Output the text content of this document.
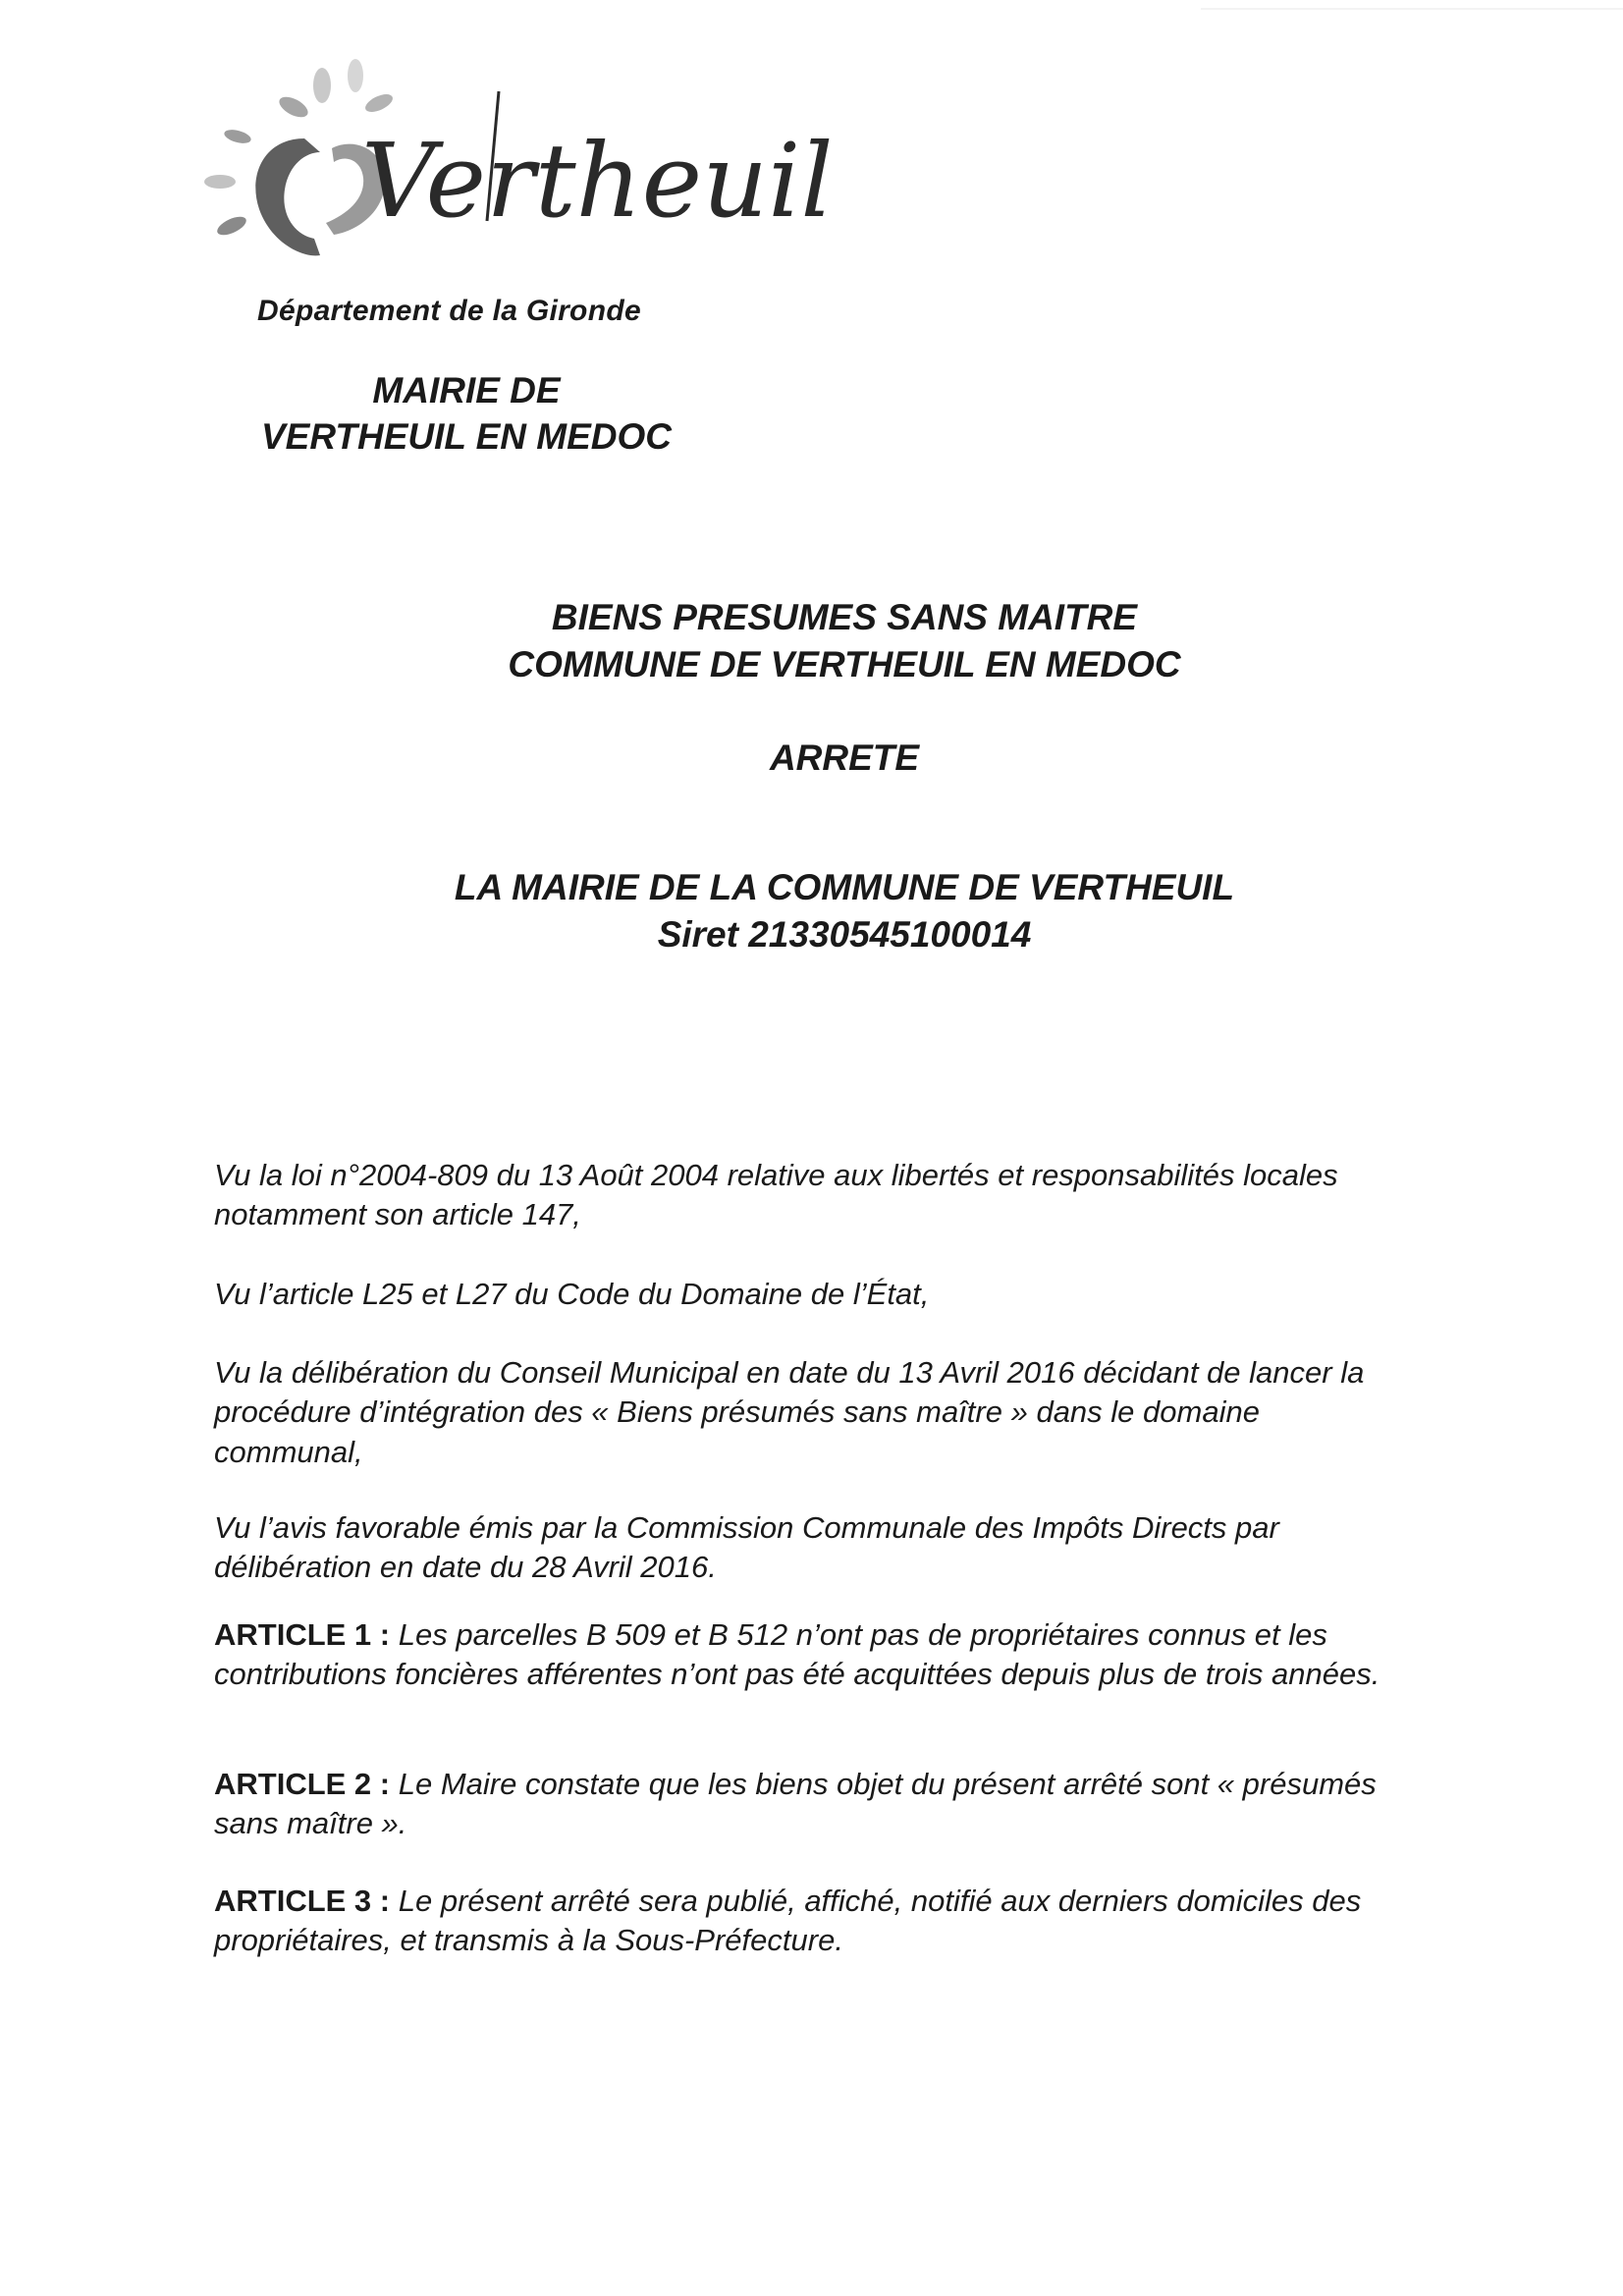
Vertheuil
Département de la Gironde
MAIRIE DE
VERTHEUIL EN MEDOC
BIENS PRESUMES SANS MAITRE
COMMUNE DE VERTHEUIL EN MEDOC
ARRETE
LA MAIRIE DE LA COMMUNE DE VERTHEUIL
Siret 21330545100014
Vu la loi n°2004-809 du 13 Août 2004 relative aux libertés et responsabilités locales notamment son article 147,
Vu l’article L25 et L27 du Code du Domaine de l’État,
Vu la délibération du Conseil Municipal en date du 13 Avril 2016 décidant de lancer la procédure d’intégration des « Biens présumés sans maître » dans le domaine communal,
Vu l’avis favorable émis par la Commission Communale des Impôts Directs par délibération en date du 28 Avril 2016.
ARTICLE 1 : Les parcelles B 509 et B 512 n’ont pas de propriétaires connus et les contributions foncières afférentes n’ont pas été acquittées depuis plus de trois années.
ARTICLE 2 : Le Maire constate que les biens objet du présent arrêté sont « présumés sans maître ».
ARTICLE 3 : Le présent arrêté sera publié, affiché, notifié aux derniers domiciles des propriétaires, et transmis à la Sous-Préfecture.
